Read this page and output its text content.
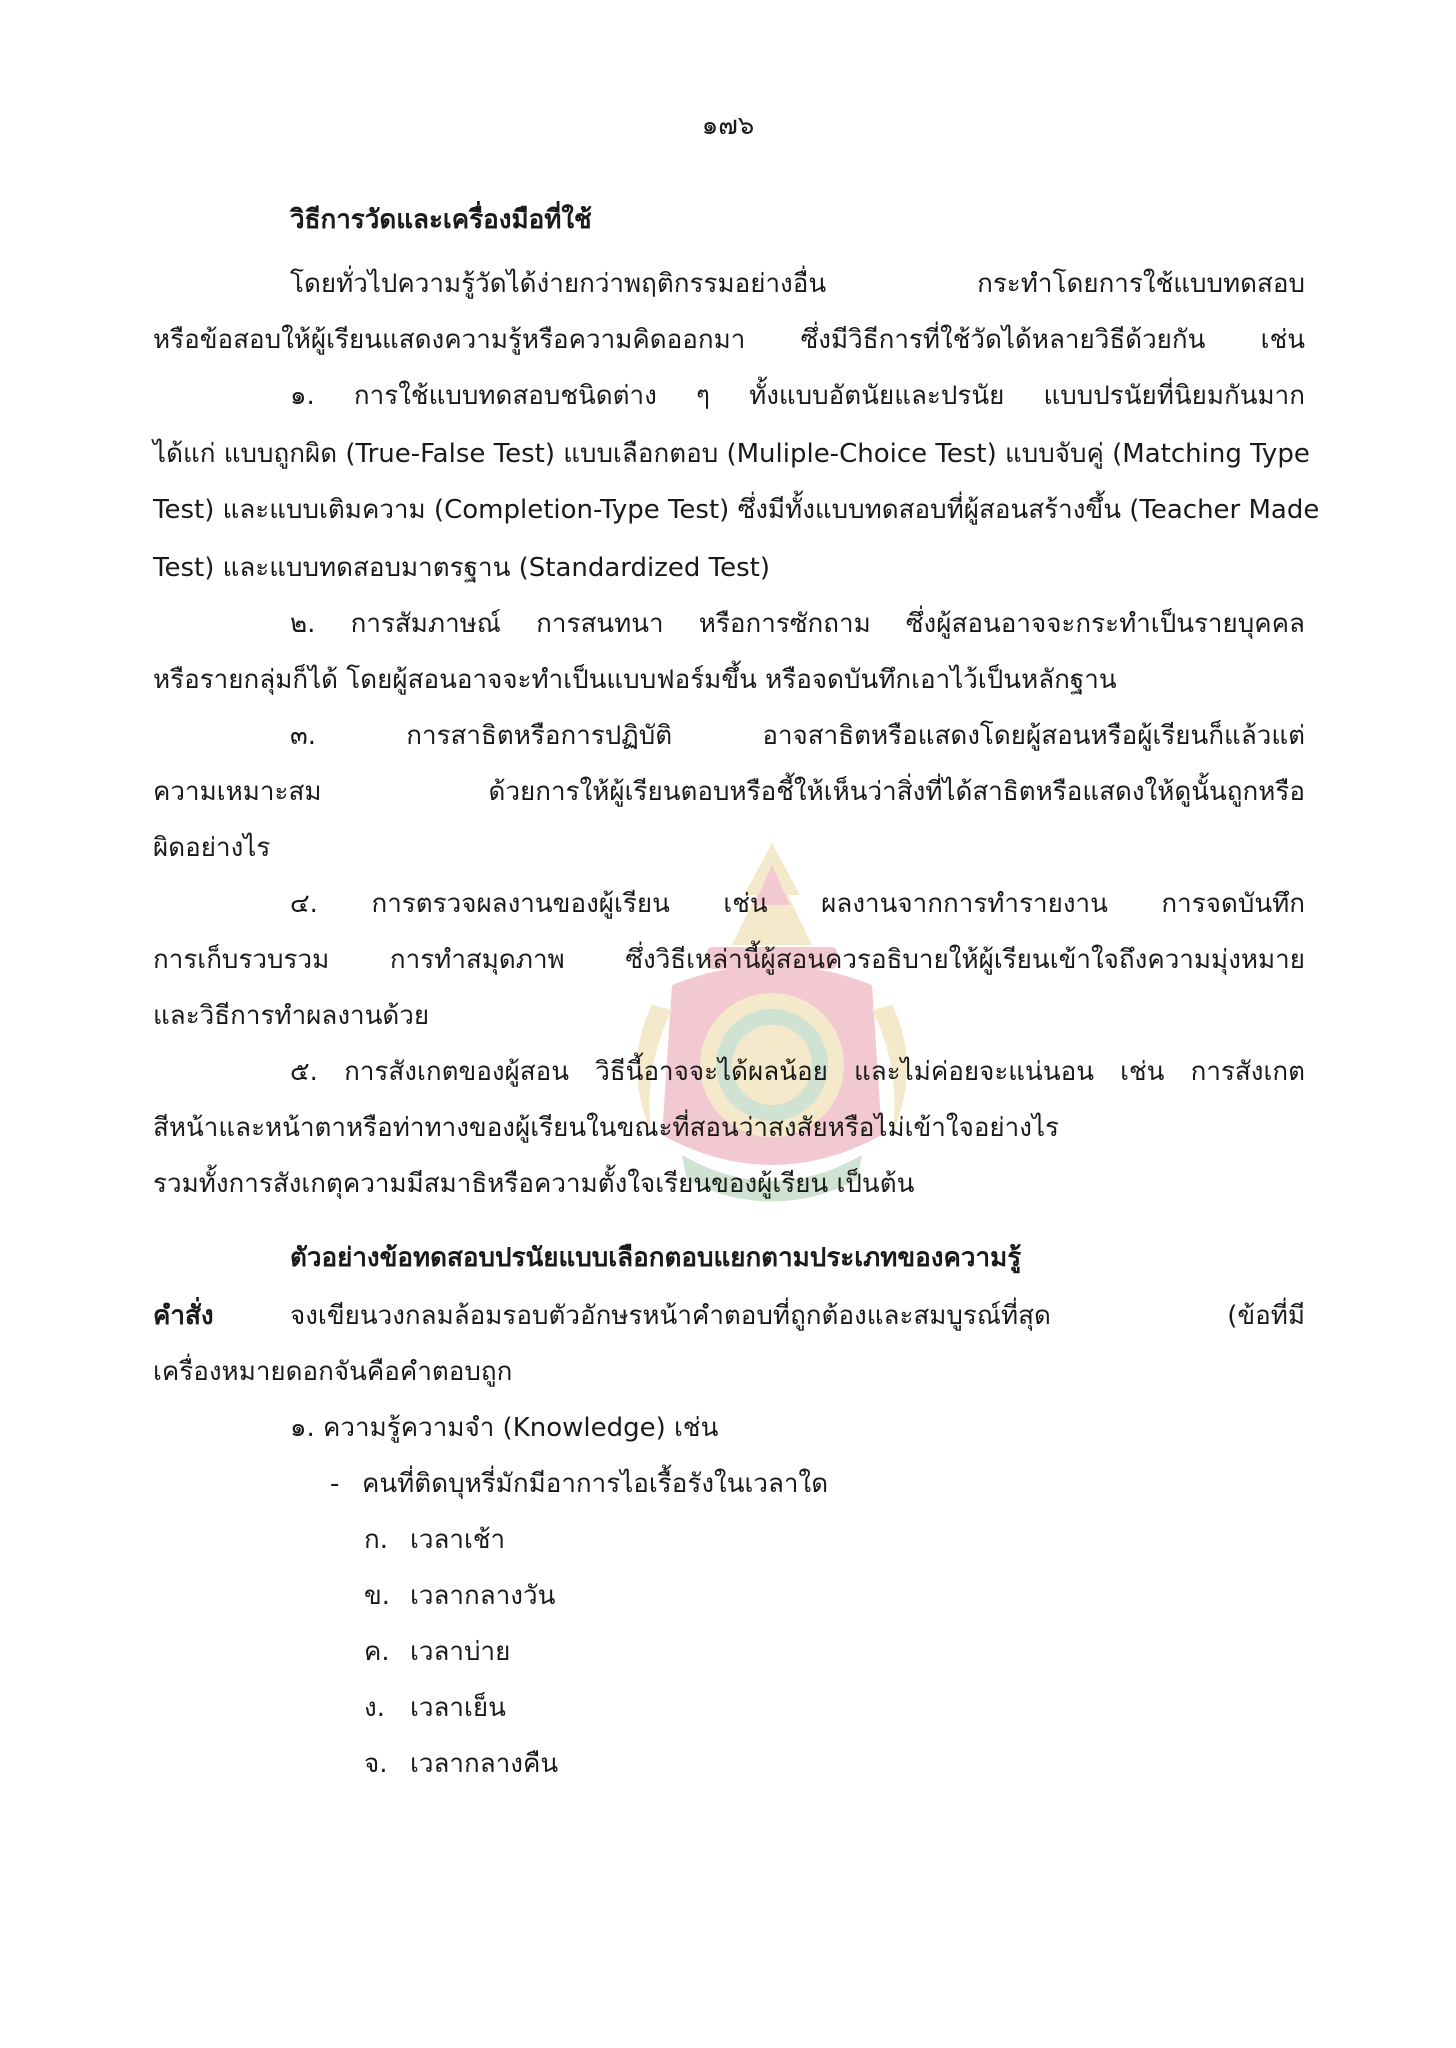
๑๗๖
วิธีการวัดและเครื่องมือที่ใช้
โดยทั่วไปความรู้วัดได้ง่ายกว่าพฤติกรรมอย่างอื่น กระทำโดยการใช้แบบทดสอบ
หรือข้อสอบให้ผู้เรียนแสดงความรู้หรือความคิดออกมา ซึ่งมีวิธีการที่ใช้วัดได้หลายวิธีด้วยกัน เช่น
๑. การใช้แบบทดสอบชนิดต่าง ๆ ทั้งแบบอัตนัยและปรนัย แบบปรนัยที่นิยมกันมาก
ได้แก่ แบบถูกผิด (True-False Test) แบบเลือกตอบ (Muliple-Choice Test) แบบจับคู่ (Matching Type
Test) และแบบเติมความ (Completion-Type Test) ซึ่งมีทั้งแบบทดสอบที่ผู้สอนสร้างขึ้น (Teacher Made
Test) และแบบทดสอบมาตรฐาน (Standardized Test)
๒. การสัมภาษณ์ การสนทนา หรือการซักถาม ซึ่งผู้สอนอาจจะกระทำเป็นรายบุคคล
หรือรายกลุ่มก็ได้ โดยผู้สอนอาจจะทำเป็นแบบฟอร์มขึ้น หรือจดบันทึกเอาไว้เป็นหลักฐาน
๓. การสาธิตหรือการปฏิบัติ อาจสาธิตหรือแสดงโดยผู้สอนหรือผู้เรียนก็แล้วแต่
ความเหมาะสม ด้วยการให้ผู้เรียนตอบหรือชี้ให้เห็นว่าสิ่งที่ได้สาธิตหรือแสดงให้ดูนั้นถูกหรือ
ผิดอย่างไร
๔. การตรวจผลงานของผู้เรียน เช่น ผลงานจากการทำรายงาน การจดบันทึก
การเก็บรวบรวม การทำสมุดภาพ ซึ่งวิธีเหล่านี้ผู้สอนควรอธิบายให้ผู้เรียนเข้าใจถึงความมุ่งหมาย
และวิธีการทำผลงานด้วย
๕. การสังเกตของผู้สอน วิธีนี้อาจจะได้ผลน้อย และไม่ค่อยจะแน่นอน เช่น การสังเกต
สีหน้าและหน้าตาหรือท่าทางของผู้เรียนในขณะที่สอนว่าสงสัยหรือไม่เข้าใจอย่างไร
รวมทั้งการสังเกตุความมีสมาธิหรือความตั้งใจเรียนของผู้เรียน เป็นต้น
ตัวอย่างข้อทดสอบปรนัยแบบเลือกตอบแยกตามประเภทของความรู้
คำสั่ง	จงเขียนวงกลมล้อมรอบตัวอักษรหน้าคำตอบที่ถูกต้องและสมบูรณ์ที่สุด (ข้อที่มี
เครื่องหมายดอกจันคือคำตอบถูก
๑. ความรู้ความจำ (Knowledge) เช่น
- คนที่ติดบุหรี่มักมีอาการไอเรื้อรังในเวลาใด
ก. เวลาเช้า
ข. เวลากลางวัน
ค. เวลาบ่าย
ง. เวลาเย็น
จ. เวลากลางคืน
